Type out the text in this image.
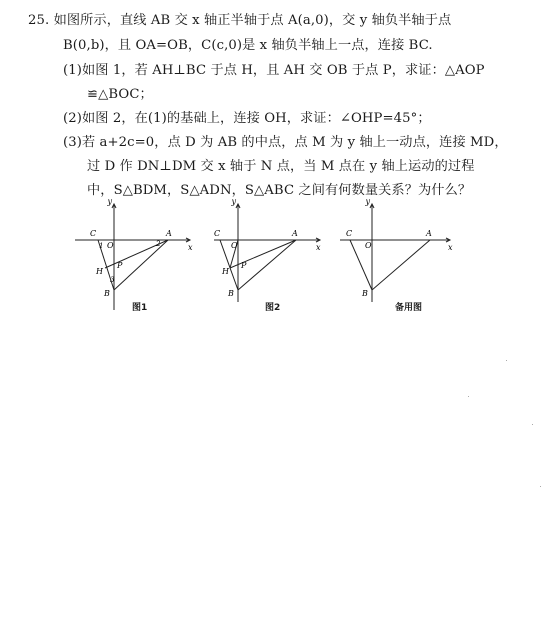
25. 如图所示，直线 AB 交 x 轴正半轴于点 A(a,0)，交 y 轴负半轴于点
B(0,b)，且 OA=OB，C(c,0)是 x 轴负半轴上一点，连接 BC.
(1)如图 1，若 AH⊥BC 于点 H，且 AH 交 OB 于点 P，求证：△AOP
≌△BOC；
(2)如图 2，在(1)的基础上，连接 OH，求证：∠OHP=45°；
(3)若 a+2c=0，点 D 为 AB 的中点，点 M 为 y 轴上一动点，连接 MD，
过 D 作 DN⊥DM 交 x 轴于 N 点，当 M 点在 y 轴上运动的过程
中，S△BDM，S△ADN，S△ABC 之间有何数量关系？为什么？
y
x
C
O
A
H
P
B
1	2
3
图1
y
x
C
O
A
H
P
B
图2
y
x
C
O
A
B
备用图
